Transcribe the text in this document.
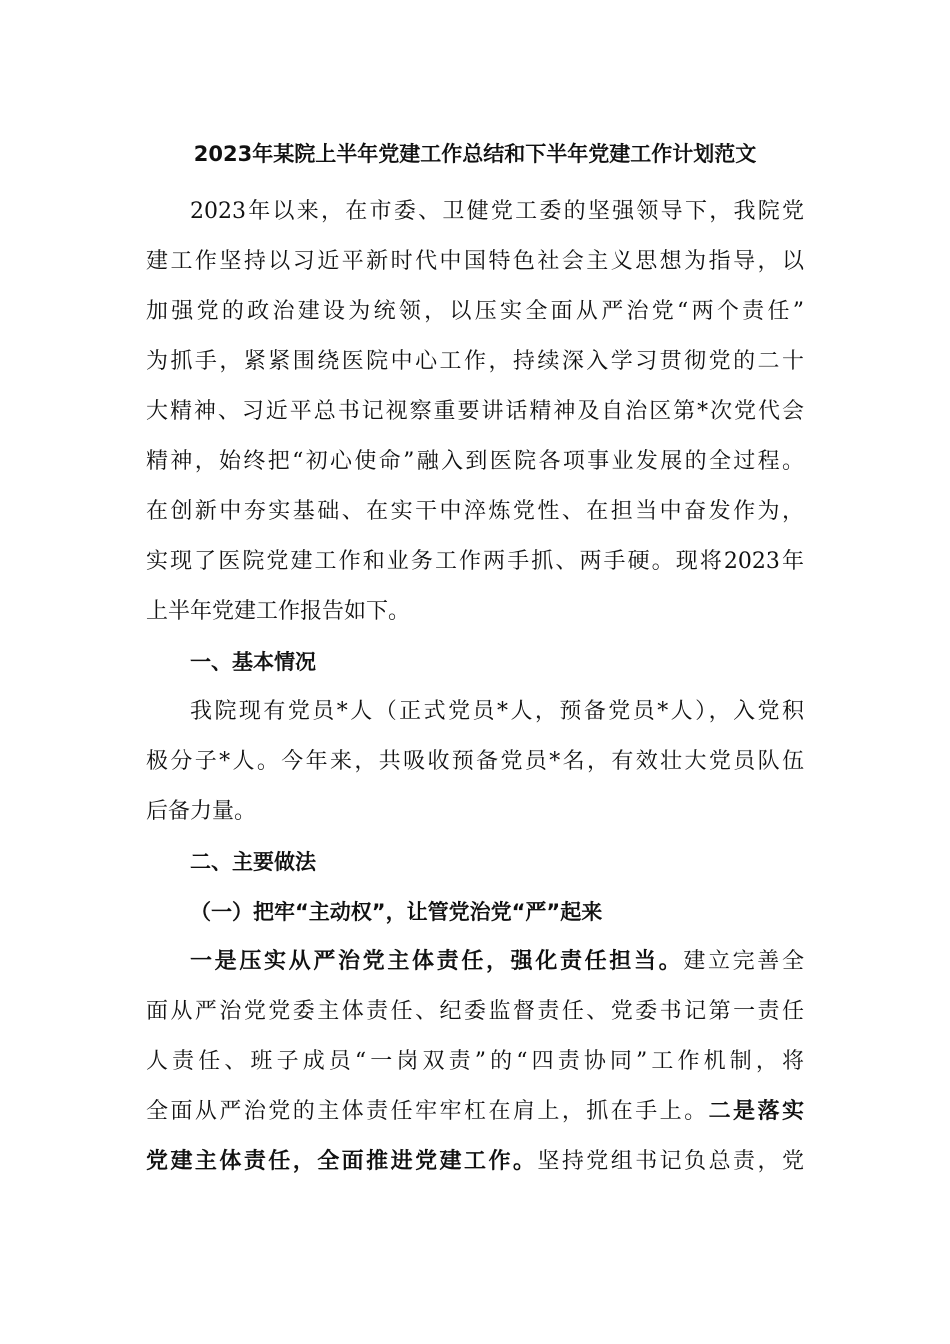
2023年某院上半年党建工作总结和下半年党建工作计划范文
2023年以来，在市委、卫健党工委的坚强领导下，我院党
建工作坚持以习近平新时代中国特色社会主义思想为指导，以
加强党的政治建设为统领，以压实全面从严治党“两个责任”
为抓手，紧紧围绕医院中心工作，持续深入学习贯彻党的二十
大精神、习近平总书记视察重要讲话精神及自治区第*次党代会
精神，始终把“初心使命”融入到医院各项事业发展的全过程。
在创新中夯实基础、在实干中淬炼党性、在担当中奋发作为，
实现了医院党建工作和业务工作两手抓、两手硬。现将2023年
上半年党建工作报告如下。
一、基本情况
我院现有党员*人（正式党员*人，预备党员*人），入党积
极分子*人。今年来，共吸收预备党员*名，有效壮大党员队伍
后备力量。
二、主要做法
（一）把牢“主动权”，让管党治党“严”起来
一是压实从严治党主体责任，强化责任担当。建立完善全
面从严治党党委主体责任、纪委监督责任、党委书记第一责任
人责任、班子成员“一岗双责”的“四责协同”工作机制，将
全面从严治党的主体责任牢牢杠在肩上，抓在手上。二是落实
党建主体责任，全面推进党建工作。坚持党组书记负总责，党
